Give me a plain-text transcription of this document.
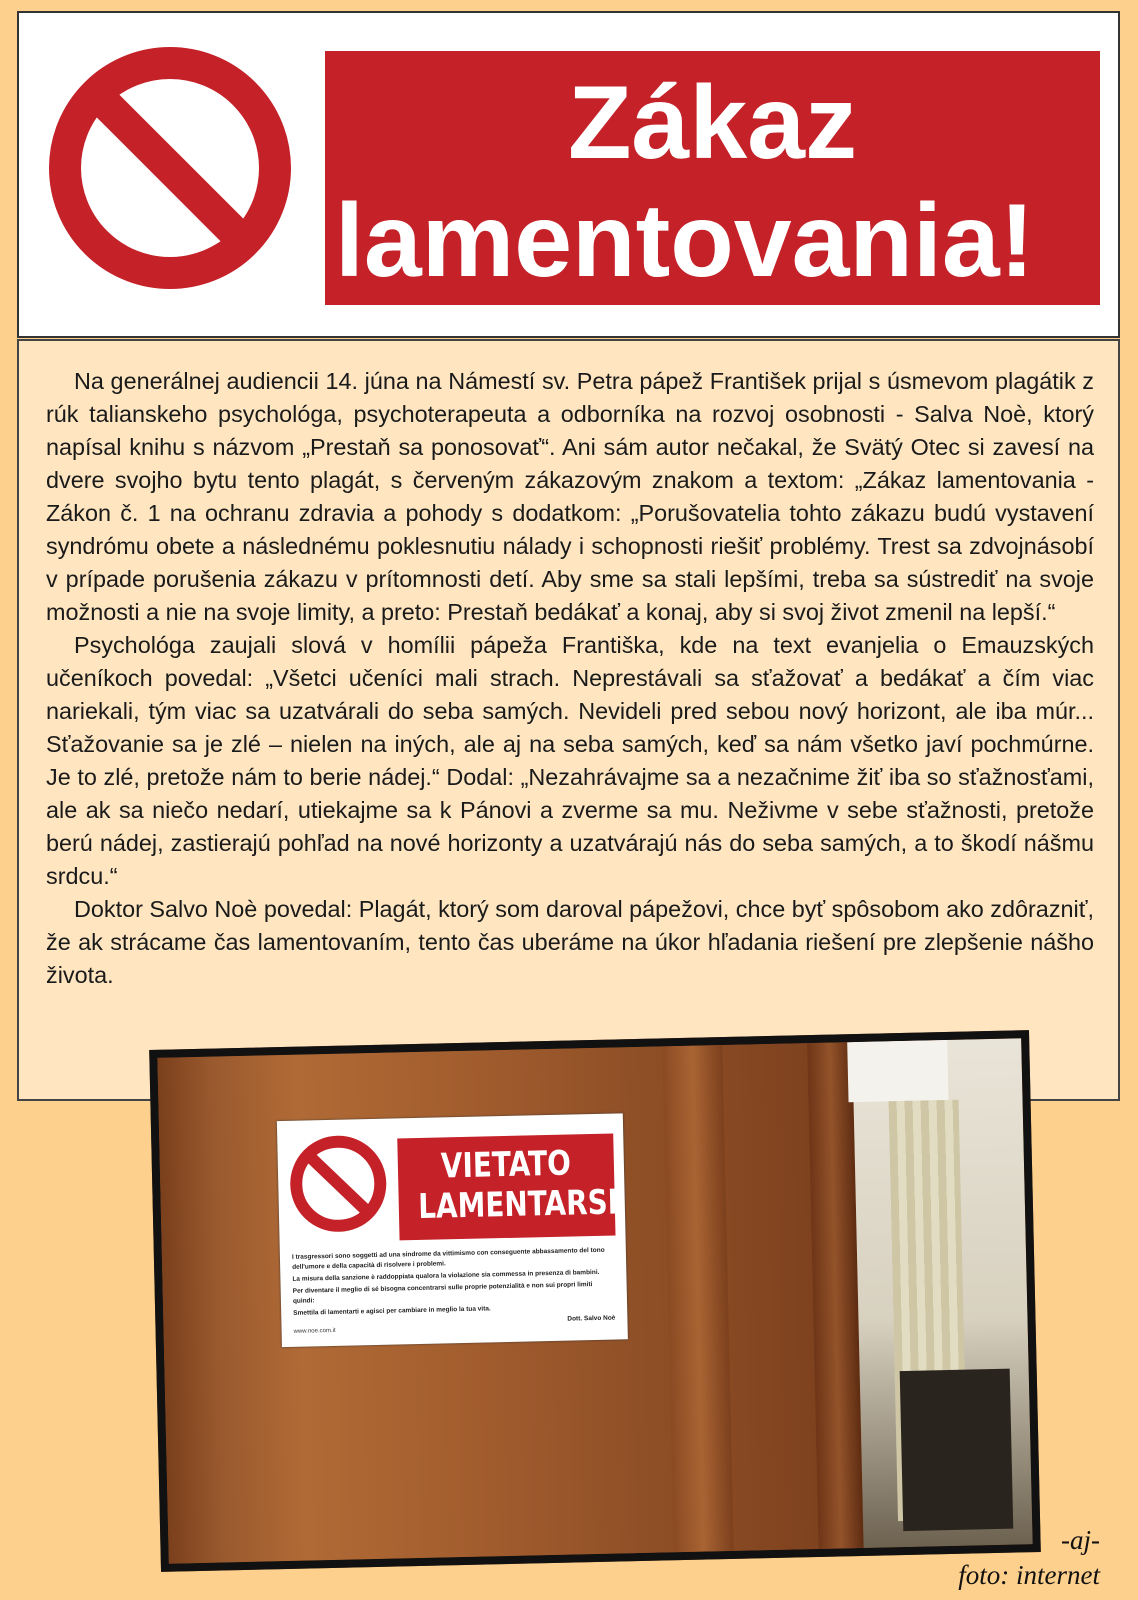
Zákaz
lamentovania!

Na generálnej audiencii 14. júna na Námestí sv. Petra pápež František prijal s úsmevom plagátik z rúk talianskeho psychológa, psychoterapeuta a odborníka na rozvoj osobnosti - Salva Noè, ktorý napísal knihu s názvom „Prestaň sa ponosovať“. Ani sám autor nečakal, že Svätý Otec si zavesí na dvere svojho bytu tento plagát, s červeným zákazovým znakom a textom: „Zákaz lamentovania - Zákon č. 1 na ochranu zdravia a pohody s dodatkom: „Porušovatelia tohto zákazu budú vystavení syndrómu obete a následnému poklesnutiu nálady i schopnosti riešiť problémy. Trest sa zdvojnásobí v prípade porušenia zákazu v prítomnosti detí. Aby sme sa stali lepšími, treba sa sústrediť na svoje možnosti a nie na svoje limity, a preto: Prestaň bedákať a konaj, aby si svoj život zmenil na lepší.“

Psychológa zaujali slová v homílii pápeža Františka, kde na text evanjelia o Emauzských učeníkoch povedal: „Všetci učeníci mali strach. Neprestávali sa sťažovať a bedákať a čím viac nariekali, tým viac sa uzatvárali do seba samých. Nevideli pred sebou nový horizont, ale iba múr... Sťažovanie sa je zlé – nielen na iných, ale aj na seba samých, keď sa nám všetko javí pochmúrne. Je to zlé, pretože nám to berie nádej.“ Dodal: „Nezahrávajme sa a nezačnime žiť iba so sťažnosťami, ale ak sa niečo nedarí, utiekajme sa k Pánovi a zverme sa mu. Neživme v sebe sťažnosti, pretože berú nádej, zastierajú pohľad na nové horizonty a uzatvárajú nás do seba samých, a to škodí nášmu srdcu.“

Doktor Salvo Noè povedal: Plagát, ktorý som daroval pápežovi, chce byť spôsobom ako zdôrazniť, že ak strácame čas lamentovaním, tento čas uberáme na úkor hľadania riešení pre zlepšenie nášho života.

VIETATO
LAMENTARSI

I trasgressori sono soggetti ad una sindrome da vittimismo con conseguente abbassamento del tono dell'umore e della capacità di risolvere i problemi.

La misura della sanzione è raddoppiata qualora la violazione sia commessa in presenza di bambini.

Per diventare il meglio di sé bisogna concentrarsi sulle proprie potenzialità e non sui propri limiti quindi:

Smettila di lamentarti e agisci per cambiare in meglio la tua vita.

Dott. Salvo Noè

www.noe.com.it
-aj-
foto: internet
